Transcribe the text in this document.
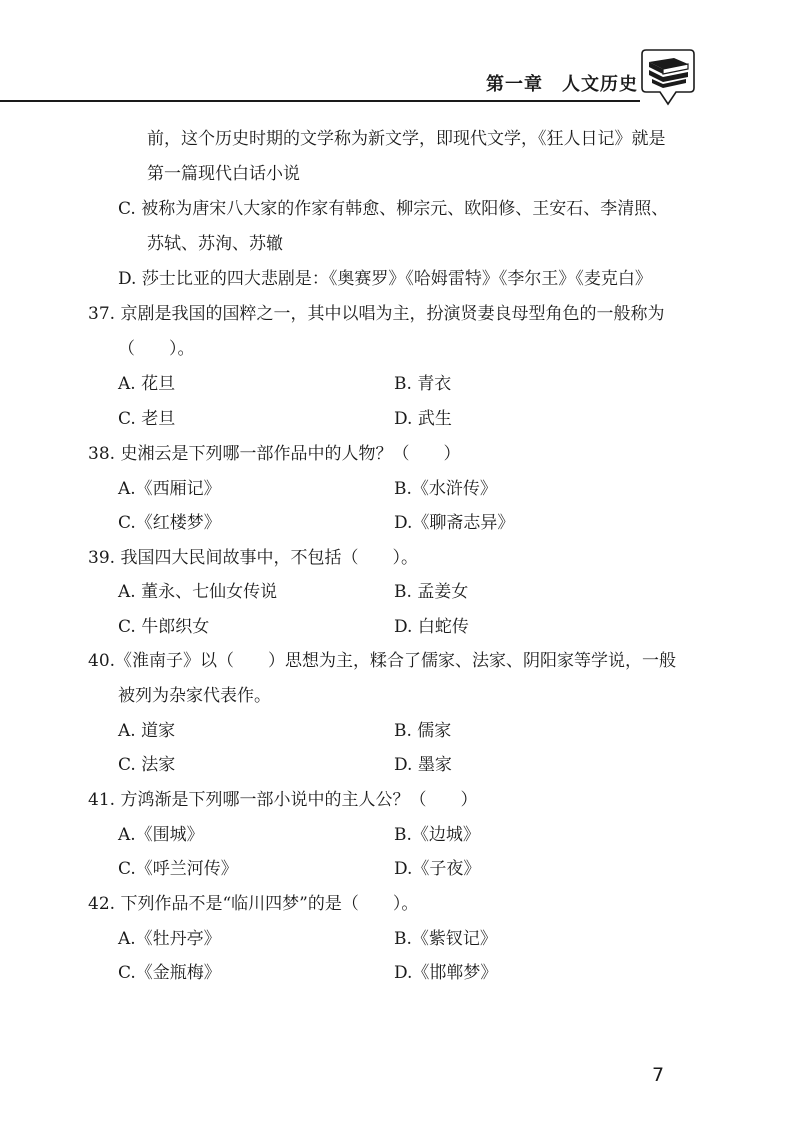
第一章　人文历史
前，这个历史时期的文学称为新文学，即现代文学，《狂人日记》就是
第一篇现代白话小说
C. 被称为唐宋八大家的作家有韩愈、柳宗元、欧阳修、王安石、李清照、
苏轼、苏洵、苏辙
D. 莎士比亚的四大悲剧是：《奥赛罗》《哈姆雷特》《李尔王》《麦克白》
37. 京剧是我国的国粹之一，其中以唱为主，扮演贤妻良母型角色的一般称为
（　　）。
A. 花旦	B. 青衣
C. 老旦	D. 武生
38. 史湘云是下列哪一部作品中的人物？（　　）
A.《西厢记》	B.《水浒传》
C.《红楼梦》	D.《聊斋志异》
39. 我国四大民间故事中，不包括（　　）。
A. 董永、七仙女传说	B. 孟姜女
C. 牛郎织女	D. 白蛇传
40.《淮南子》以（　　）思想为主，糅合了儒家、法家、阴阳家等学说，一般
被列为杂家代表作。
A. 道家	B. 儒家
C. 法家	D. 墨家
41. 方鸿渐是下列哪一部小说中的主人公？（　　）
A.《围城》	B.《边城》
C.《呼兰河传》	D.《子夜》
42. 下列作品不是“临川四梦”的是（　　）。
A.《牡丹亭》	B.《紫钗记》
C.《金瓶梅》	D.《邯郸梦》
7
